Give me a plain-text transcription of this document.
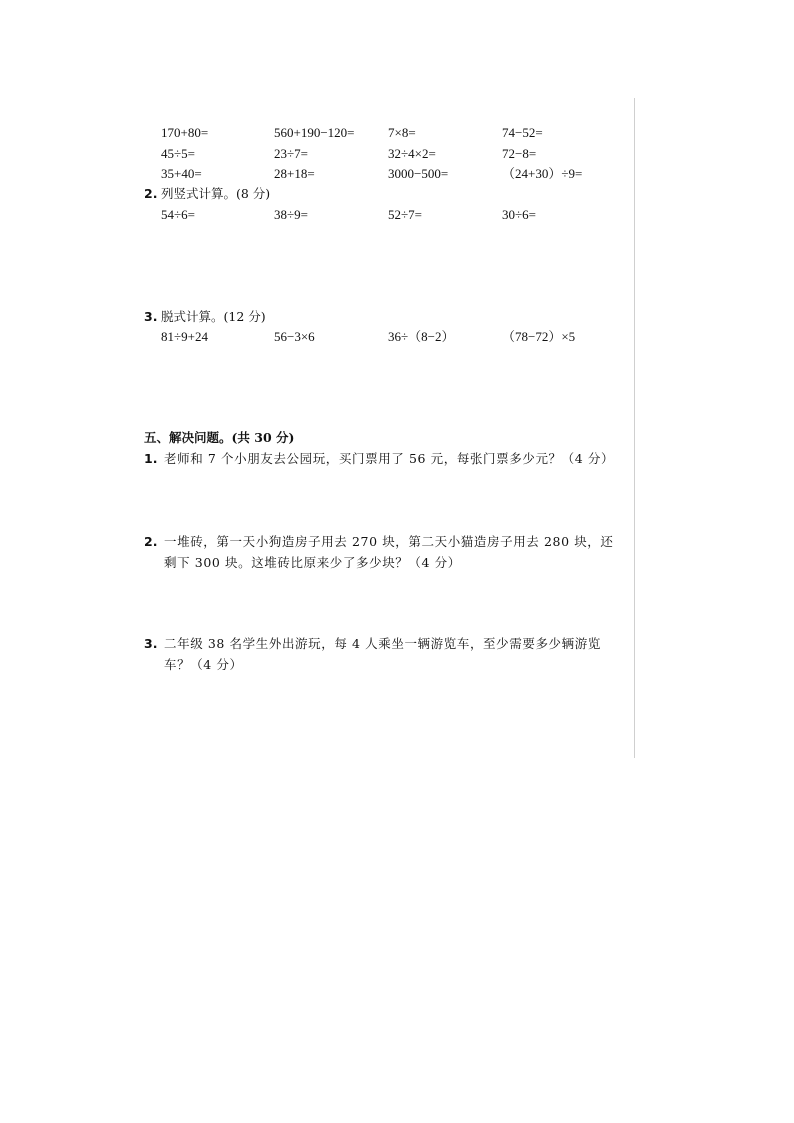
170+80=	560+190−120=	7×8=	74−52=
45÷5=	23÷7=	32÷4×2=	72−8=
35+40=	28+18=	3000−500=	（24+30）÷9=
2. 列竖式计算。(8 分)
54÷6=	38÷9=	52÷7=	30÷6=
3. 脱式计算。(12 分)
81÷9+24	56−3×6	36÷（8−2）	（78−72）×5
五、解决问题。(共 30 分)
1. 老师和 7 个小朋友去公园玩，买门票用了 56 元，每张门票多少元？（4 分）
2. 一堆砖，第一天小狗造房子用去 270 块，第二天小猫造房子用去 280 块，还
剩下 300 块。这堆砖比原来少了多少块？（4 分）
3. 二年级 38 名学生外出游玩，每 4 人乘坐一辆游览车，至少需要多少辆游览
车？（4 分）
